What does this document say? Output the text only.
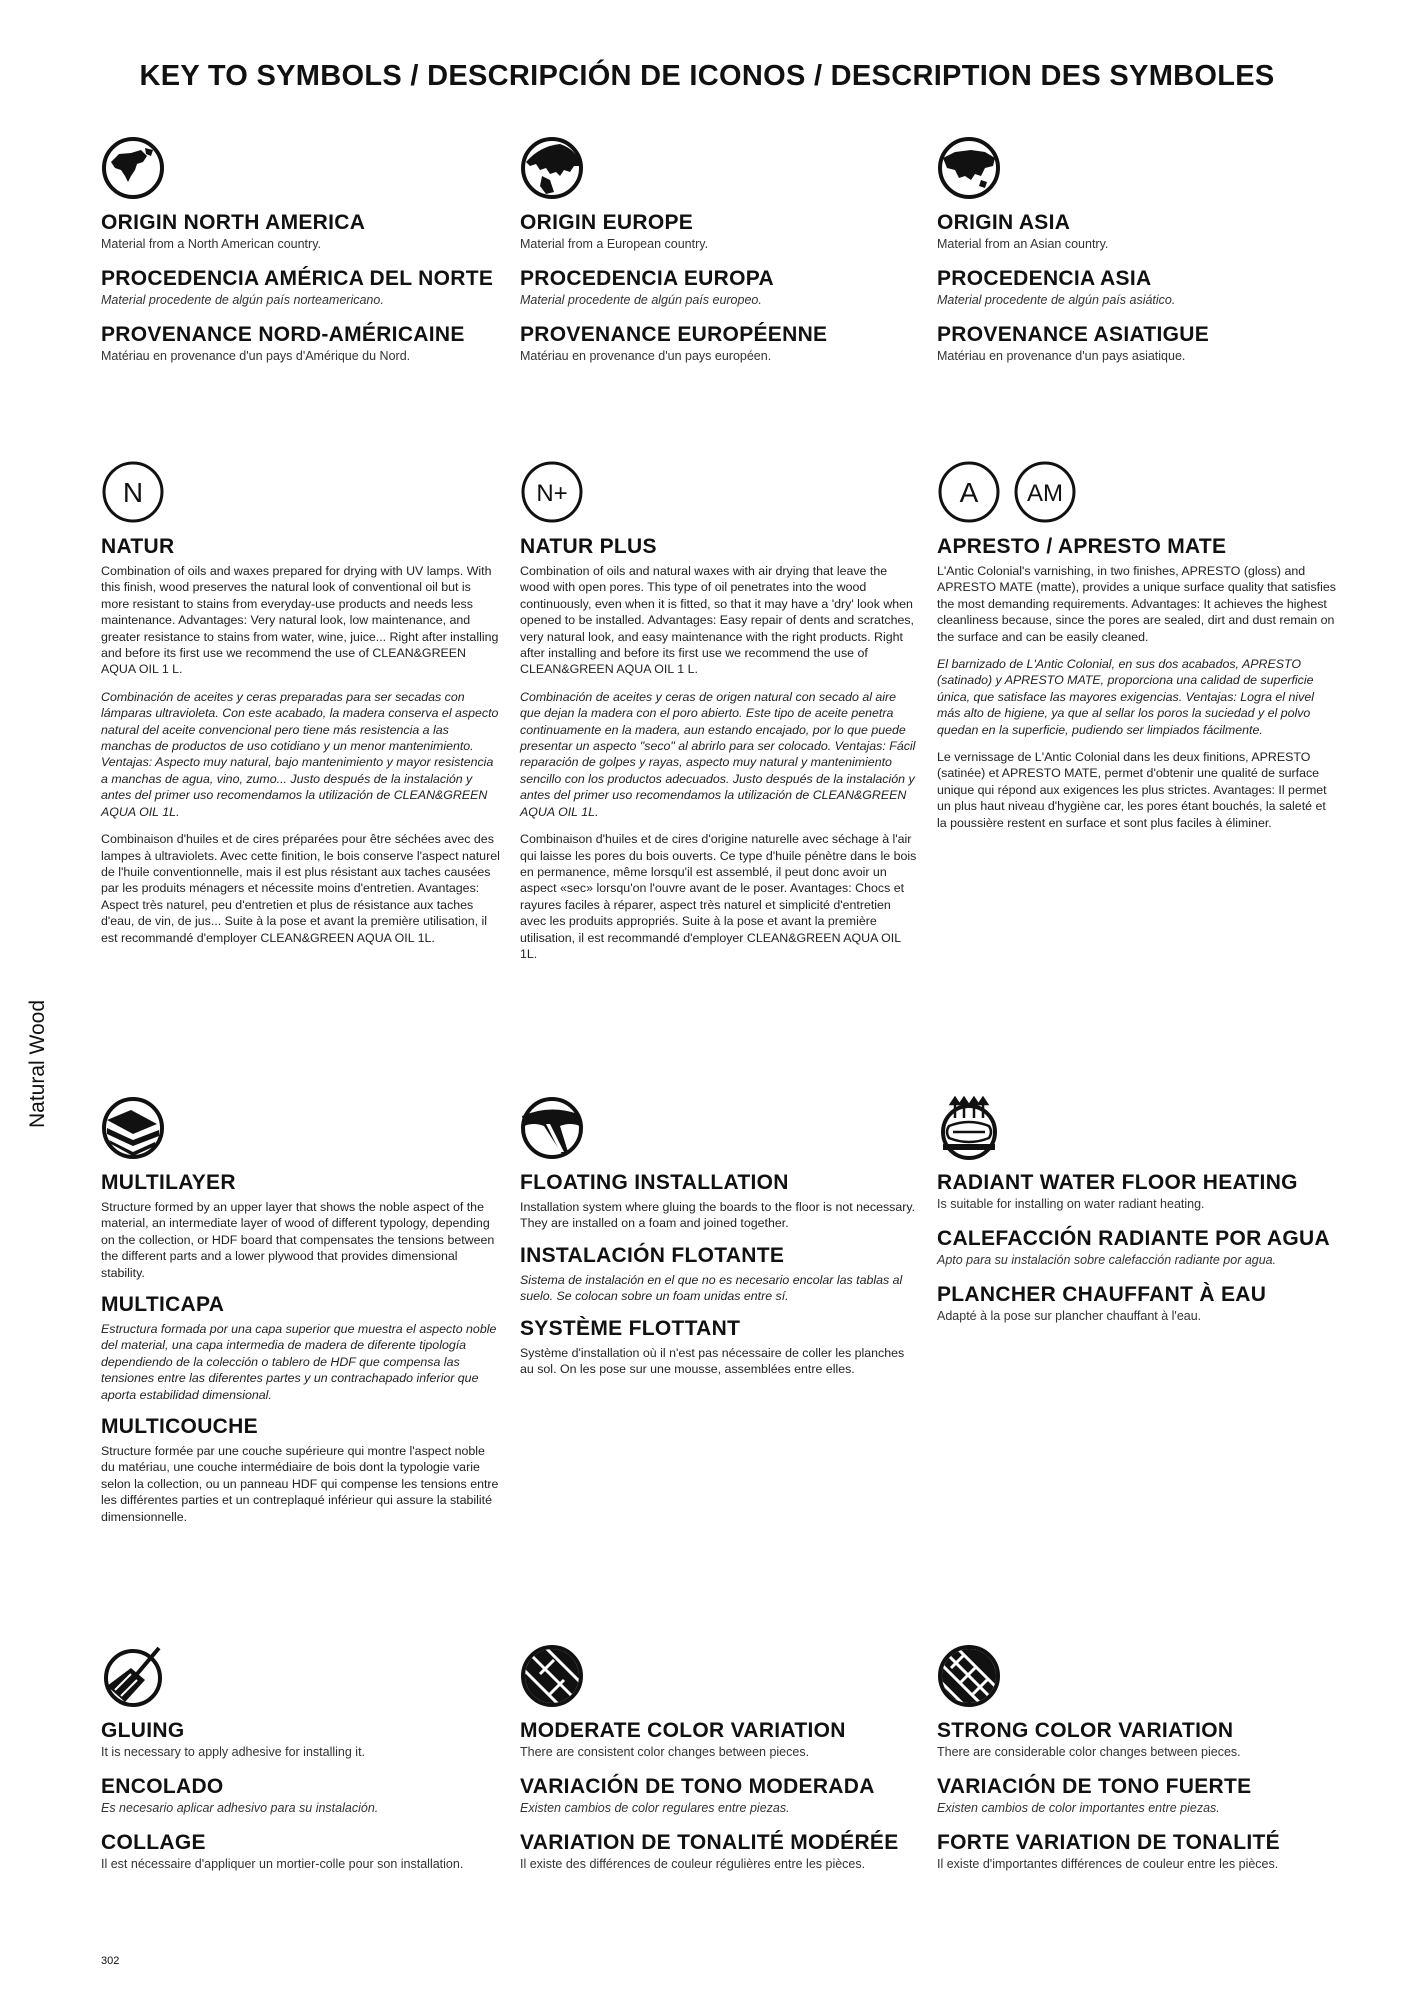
KEY TO SYMBOLS / DESCRIPCIÓN DE ICONOS / DESCRIPTION DES SYMBOLES
Natural Wood
302
ORIGIN NORTH AMERICA
Material from a North American country.
PROCEDENCIA AMÉRICA DEL NORTE
Material procedente de algún país norteamericano.
PROVENANCE NORD-AMÉRICAINE
Matériau en provenance d'un pays d'Amérique du Nord.
ORIGIN EUROPE
Material from a European country.
PROCEDENCIA EUROPA
Material procedente de algún país europeo.
PROVENANCE EUROPÉENNE
Matériau en provenance d'un pays européen.
ORIGIN ASIA
Material from an Asian country.
PROCEDENCIA ASIA
Material procedente de algún país asiático.
PROVENANCE ASIATIGUE
Matériau en provenance d'un pays asiatique.
N
NATUR
Combination of oils and waxes prepared for drying with UV lamps. With this finish, wood preserves the natural look of conventional oil but is more resistant to stains from everyday-use products and needs less maintenance. Advantages: Very natural look, low maintenance, and greater resistance to stains from water, wine, juice... Right after installing and before its first use we recommend the use of CLEAN&GREEN AQUA OIL 1 L.
Combinación de aceites y ceras preparadas para ser secadas con lámparas ultravioleta. Con este acabado, la madera conserva el aspecto natural del aceite convencional pero tiene más resistencia a las manchas de productos de uso cotidiano y un menor mantenimiento. Ventajas: Aspecto muy natural, bajo mantenimiento y mayor resistencia a manchas de agua, vino, zumo... Justo después de la instalación y antes del primer uso recomendamos la utilización de CLEAN&GREEN AQUA OIL 1L.
Combinaison d'huiles et de cires préparées pour être séchées avec des lampes à ultraviolets. Avec cette finition, le bois conserve l'aspect naturel de l'huile conventionnelle, mais il est plus résistant aux taches causées par les produits ménagers et nécessite moins d'entretien. Avantages: Aspect très naturel, peu d'entretien et plus de résistance aux taches d'eau, de vin, de jus... Suite à la pose et avant la première utilisation, il est recommandé d'employer CLEAN&GREEN AQUA OIL 1L.
N+
NATUR PLUS
Combination of oils and natural waxes with air drying that leave the wood with open pores. This type of oil penetrates into the wood continuously, even when it is fitted, so that it may have a 'dry' look when opened to be installed. Advantages: Easy repair of dents and scratches, very natural look, and easy maintenance with the right products. Right after installing and before its first use we recommend the use of CLEAN&GREEN AQUA OIL 1 L.
Combinación de aceites y ceras de origen natural con secado al aire que dejan la madera con el poro abierto. Este tipo de aceite penetra continuamente en la madera, aun estando encajado, por lo que puede presentar un aspecto "seco" al abrirlo para ser colocado. Ventajas: Fácil reparación de golpes y rayas, aspecto muy natural y mantenimiento sencillo con los productos adecuados. Justo después de la instalación y antes del primer uso recomendamos la utilización de CLEAN&GREEN AQUA OIL 1L.
Combinaison d'huiles et de cires d'origine naturelle avec séchage à l'air qui laisse les pores du bois ouverts. Ce type d'huile pénètre dans le bois en permanence, même lorsqu'il est assemblé, il peut donc avoir un aspect «sec» lorsqu'on l'ouvre avant de le poser. Avantages: Chocs et rayures faciles à réparer, aspect très naturel et simplicité d'entretien avec les produits appropriés. Suite à la pose et avant la première utilisation, il est recommandé d'employer CLEAN&GREEN AQUA OIL 1L.
A AM
APRESTO / APRESTO MATE
L'Antic Colonial's varnishing, in two finishes, APRESTO (gloss) and APRESTO MATE (matte), provides a unique surface quality that satisfies the most demanding requirements. Advantages: It achieves the highest cleanliness because, since the pores are sealed, dirt and dust remain on the surface and can be easily cleaned.
El barnizado de L'Antic Colonial, en sus dos acabados, APRESTO (satinado) y APRESTO MATE, proporciona una calidad de superficie única, que satisface las mayores exigencias. Ventajas: Logra el nivel más alto de higiene, ya que al sellar los poros la suciedad y el polvo quedan en la superficie, pudiendo ser limpiados fácilmente.
Le vernissage de L'Antic Colonial dans les deux finitions, APRESTO (satinée) et APRESTO MATE, permet d'obtenir une qualité de surface unique qui répond aux exigences les plus strictes. Avantages: Il permet un plus haut niveau d'hygiène car, les pores étant bouchés, la saleté et la poussière restent en surface et sont plus faciles à éliminer.
MULTILAYER
Structure formed by an upper layer that shows the noble aspect of the material, an intermediate layer of wood of different typology, depending on the collection, or HDF board that compensates the tensions between the different parts and a lower plywood that provides dimensional stability.
MULTICAPA
Estructura formada por una capa superior que muestra el aspecto noble del material, una capa intermedia de madera de diferente tipología dependiendo de la colección o tablero de HDF que compensa las tensiones entre las diferentes partes y un contrachapado inferior que aporta estabilidad dimensional.
MULTICOUCHE
Structure formée par une couche supérieure qui montre l'aspect noble du matériau, une couche intermédiaire de bois dont la typologie varie selon la collection, ou un panneau HDF qui compense les tensions entre les différentes parties et un contreplaqué inférieur qui assure la stabilité dimensionnelle.
FLOATING INSTALLATION
Installation system where gluing the boards to the floor is not necessary. They are installed on a foam and joined together.
INSTALACIÓN FLOTANTE
Sistema de instalación en el que no es necesario encolar las tablas al suelo. Se colocan sobre un foam unidas entre sí.
SYSTÈME FLOTTANT
Système d'installation où il n'est pas nécessaire de coller les planches au sol. On les pose sur une mousse, assemblées entre elles.
RADIANT WATER FLOOR HEATING
Is suitable for installing on water radiant heating.
CALEFACCIÓN RADIANTE POR AGUA
Apto para su instalación sobre calefacción radiante por agua.
PLANCHER CHAUFFANT À EAU
Adapté à la pose sur plancher chauffant à l'eau.
GLUING
It is necessary to apply adhesive for installing it.
ENCOLADO
Es necesario aplicar adhesivo para su instalación.
COLLAGE
Il est nécessaire d'appliquer un mortier-colle pour son installation.
MODERATE COLOR VARIATION
There are consistent color changes between pieces.
VARIACIÓN DE TONO MODERADA
Existen cambios de color regulares entre piezas.
VARIATION DE TONALITÉ MODÉRÉE
Il existe des différences de couleur régulières entre les pièces.
STRONG COLOR VARIATION
There are considerable color changes between pieces.
VARIACIÓN DE TONO FUERTE
Existen cambios de color importantes entre piezas.
FORTE VARIATION DE TONALITÉ
Il existe d'importantes différences de couleur entre les pièces.
